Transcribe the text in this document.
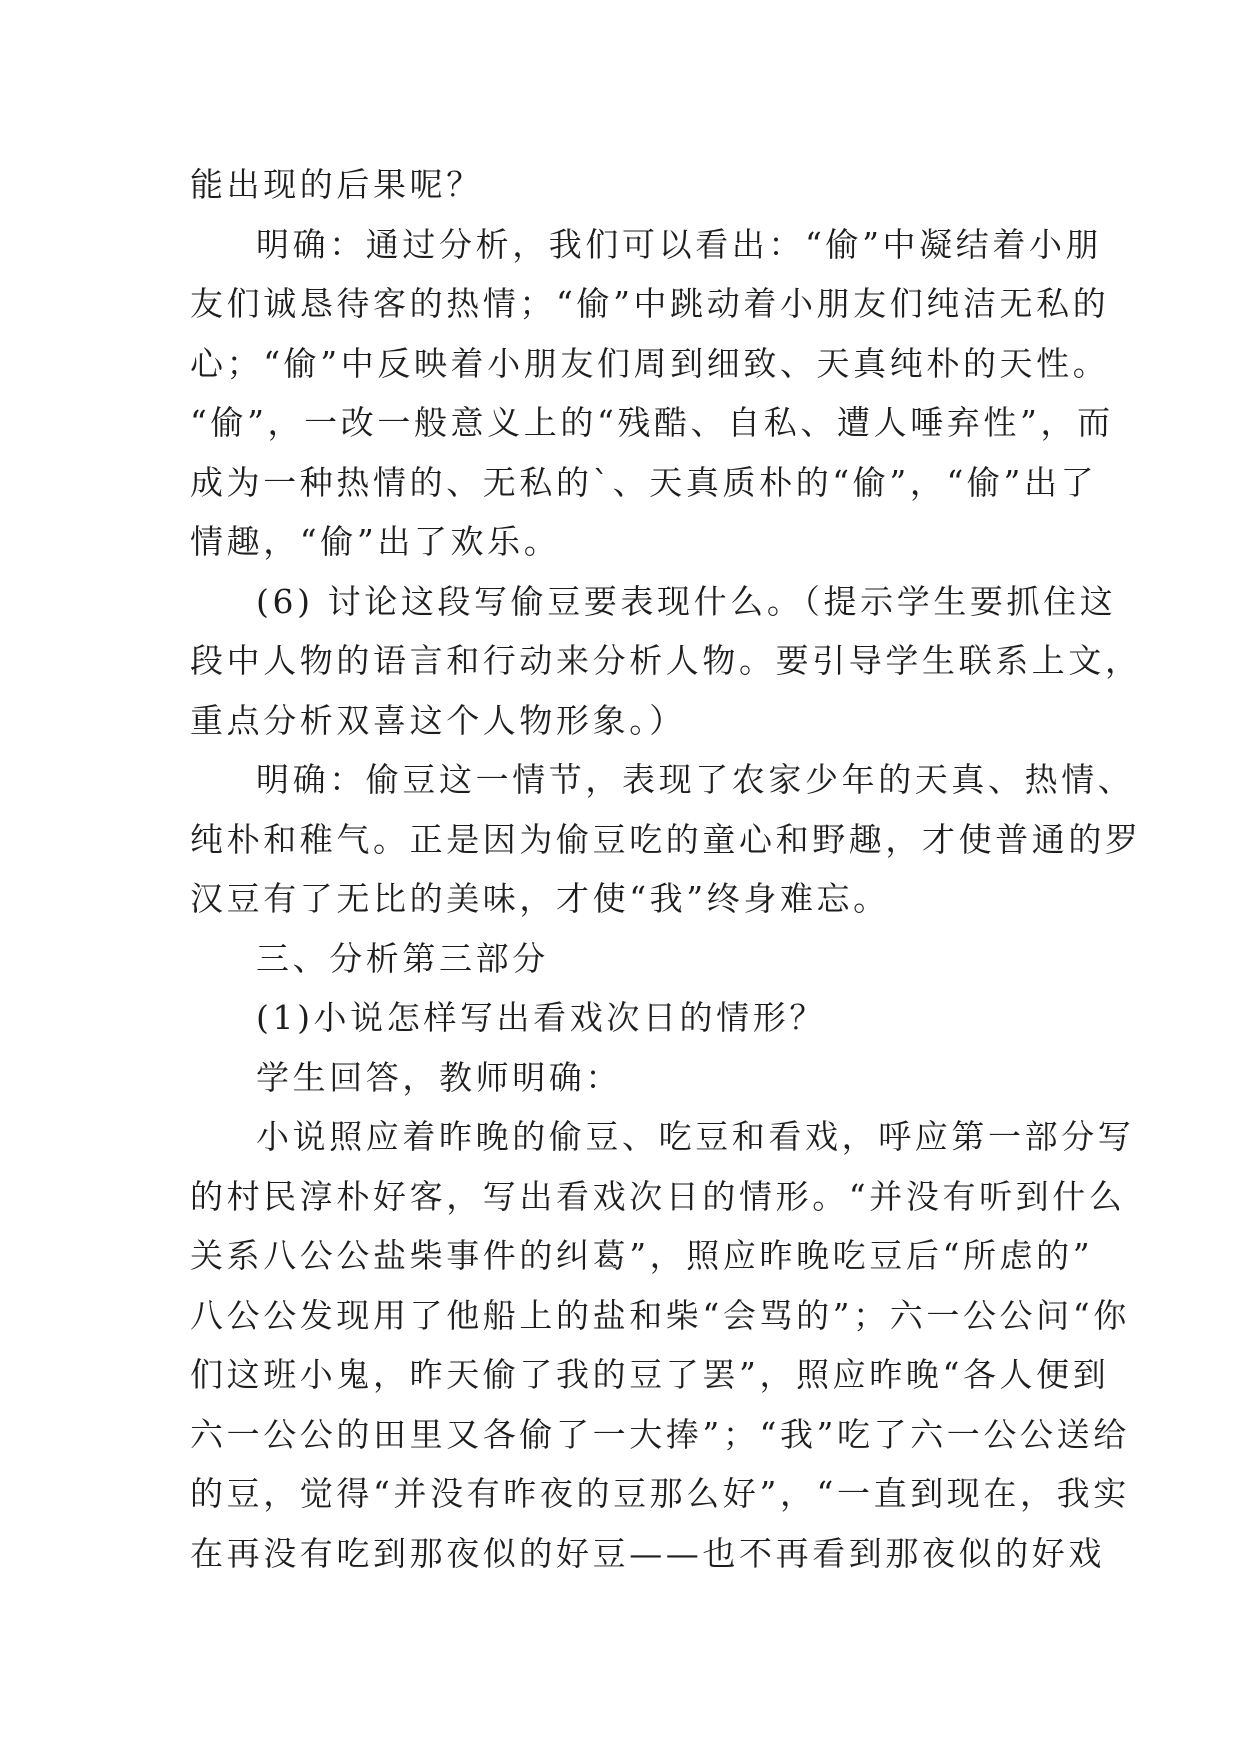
能出现的后果呢？
明确：通过分析，我们可以看出：“偷”中凝结着小朋
友们诚恳待客的热情；“偷”中跳动着小朋友们纯洁无私的
心；“偷”中反映着小朋友们周到细致、天真纯朴的天性。
“偷”，一改一般意义上的“残酷、自私、遭人唾弃性”，而
成为一种热情的、无私的`、天真质朴的“偷”，“偷”出了
情趣，“偷”出了欢乐。
(6) 讨论这段写偷豆要表现什么。（提示学生要抓住这
段中人物的语言和行动来分析人物。要引导学生联系上文，
重点分析双喜这个人物形象。）
明确：偷豆这一情节，表现了农家少年的天真、热情、
纯朴和稚气。正是因为偷豆吃的童心和野趣，才使普通的罗
汉豆有了无比的美味，才使“我”终身难忘。
三、分析第三部分
(1)小说怎样写出看戏次日的情形？
学生回答，教师明确：
小说照应着昨晚的偷豆、吃豆和看戏，呼应第一部分写
的村民淳朴好客，写出看戏次日的情形。“并没有听到什么
关系八公公盐柴事件的纠葛”，照应昨晚吃豆后“所虑的”
八公公发现用了他船上的盐和柴“会骂的”；六一公公问“你
们这班小鬼，昨天偷了我的豆了罢”，照应昨晚“各人便到
六一公公的田里又各偷了一大捧”；“我”吃了六一公公送给
的豆，觉得“并没有昨夜的豆那么好”，“一直到现在，我实
在再没有吃到那夜似的好豆——也不再看到那夜似的好戏
